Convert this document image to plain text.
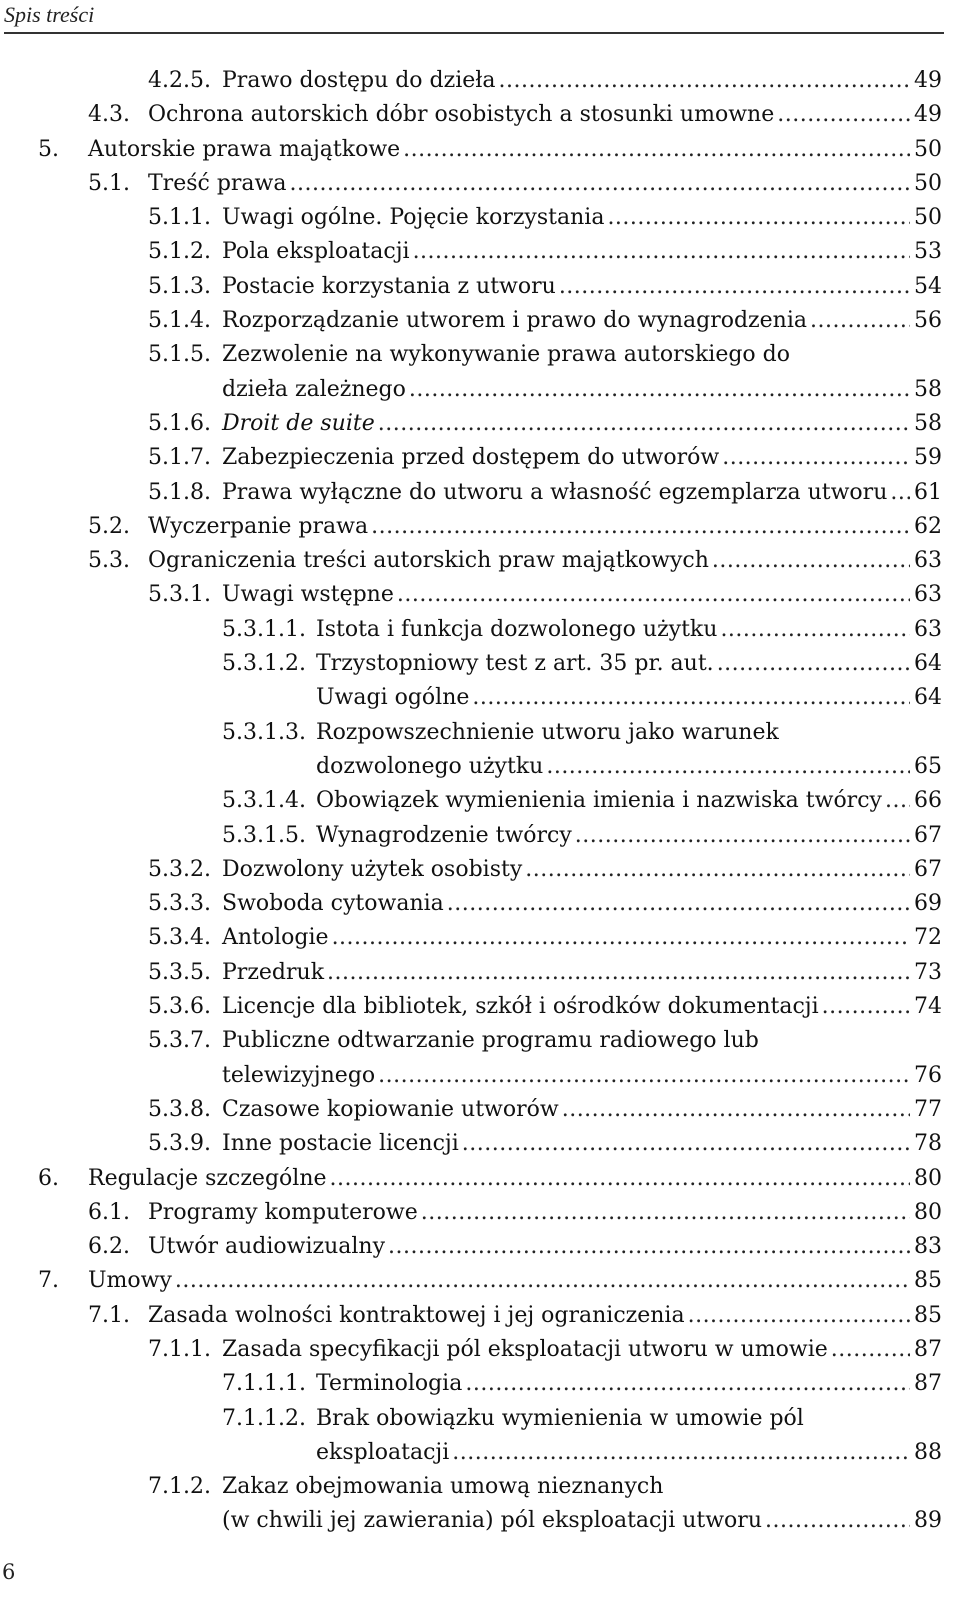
Spis treści
4.2.5. Prawo dostępu do dzieła .....	49
4.3. Ochrona autorskich dóbr osobistych a stosunki umowne .....	49
5. Autorskie prawa majątkowe .....	50
5.1. Treść prawa .....	50
5.1.1. Uwagi ogólne. Pojęcie korzystania .....	50
5.1.2. Pola eksploatacji .....	53
5.1.3. Postacie korzystania z utworu .....	54
5.1.4. Rozporządzanie utworem i prawo do wynagrodzenia .....	56
5.1.5. Zezwolenie na wykonywanie prawa autorskiego do
dzieła zależnego .....	58
5.1.6. Droit de suite .....	58
5.1.7. Zabezpieczenia przed dostępem do utworów .....	59
5.1.8. Prawa wyłączne do utworu a własność egzemplarza utworu ..... 61
5.2. Wyczerpanie prawa .....	62
5.3. Ograniczenia treści autorskich praw majątkowych .....	63
5.3.1. Uwagi wstępne .....	63
5.3.1.1. Istota i funkcja dozwolonego użytku .....	63
5.3.1.2. Trzystopniowy test z art. 35 pr. aut. .....	64
Uwagi ogólne .....	64
5.3.1.3. Rozpowszechnienie utworu jako warunek
dozwolonego użytku .....	65
5.3.1.4. Obowiązek wymienienia imienia i nazwiska twórcy ..... 66
5.3.1.5. Wynagrodzenie twórcy .....	67
5.3.2. Dozwolony użytek osobisty .....	67
5.3.3. Swoboda cytowania .....	69
5.3.4. Antologie .....	72
5.3.5. Przedruk .....	73
5.3.6. Licencje dla bibliotek, szkół i ośrodków dokumentacji .....	74
5.3.7. Publiczne odtwarzanie programu radiowego lub
telewizyjnego .....	76
5.3.8. Czasowe kopiowanie utworów .....	77
5.3.9. Inne postacie licencji .....	78
6. Regulacje szczególne .....	80
6.1. Programy komputerowe .....	80
6.2. Utwór audiowizualny .....	83
7. Umowy .....	85
7.1. Zasada wolności kontraktowej i jej ograniczenia .....	85
7.1.1. Zasada specyfikacji pól eksploatacji utworu w umowie .....	87
7.1.1.1. Terminologia .....	87
7.1.1.2. Brak obowiązku wymienienia w umowie pól
eksploatacji .....	88
7.1.2. Zakaz obejmowania umową nieznanych
(w chwili jej zawierania) pól eksploatacji utworu .....	89
6
